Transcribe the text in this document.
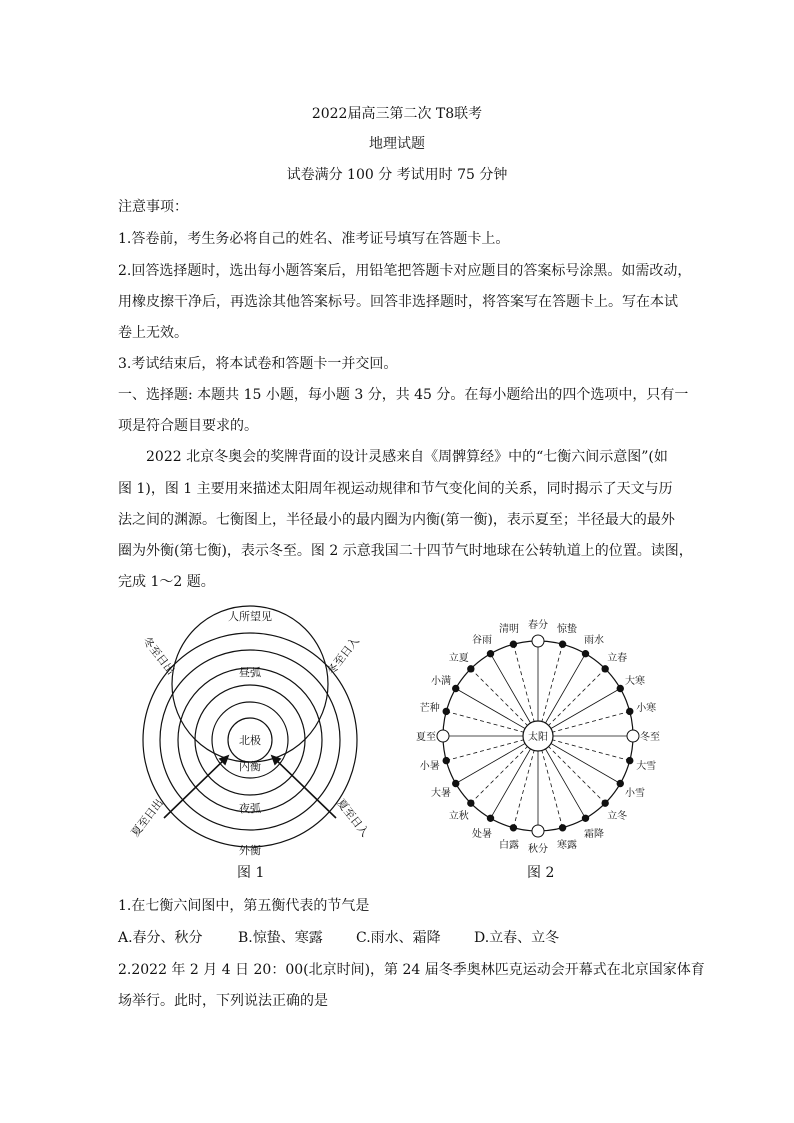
2022届高三第二次 T8联考
地理试题
试卷满分 100 分 考试用时 75 分钟
注意事项：
1.答卷前，考生务必将自己的姓名、准考证号填写在答题卡上。
2.回答选择题时，选出每小题答案后，用铅笔把答题卡对应题目的答案标号涂黑。如需改动，
用橡皮擦干净后，再选涂其他答案标号。回答非选择题时，将答案写在答题卡上。写在本试
卷上无效。
3.考试结束后，将本试卷和答题卡一并交回。
一、选择题: 本题共 15 小题，每小题 3 分，共 45 分。在每小题给出的四个选项中，只有一
项是符合题目要求的。
2022 北京冬奥会的奖牌背面的设计灵感来自《周髀算经》中的“七衡六间示意图”(如
图 1)，图 1 主要用来描述太阳周年视运动规律和节气变化间的关系，同时揭示了天文与历
法之间的渊源。七衡图上，半径最小的最内圈为内衡(第一衡)，表示夏至；半径最大的最外
圈为外衡(第七衡)，表示冬至。图 2 示意我国二十四节气时地球在公转轨道上的位置。读图，
完成 1～2 题。
人所望见
昼弧
北极
内衡
夜弧
外衡
冬至日出	冬至日入
夏至日出	夏至日入
图 1
太阳	冬至
小寒
大寒
立春
雨水
惊蛰
春分
清明
谷雨
立夏
小满
芒种
夏至
小暑
大暑
立秋
处暑
白露 秋分 寒露
霜降
立冬
小雪
大雪
图 2
1.在七衡六间图中，第五衡代表的节气是
A.春分、秋分	B.惊蛰、寒露	C.雨水、霜降	D.立春、立冬
2.2022 年 2 月 4 日 20：00(北京时间)，第 24 届冬季奥林匹克运动会开幕式在北京国家体育
场举行。此时，下列说法正确的是
